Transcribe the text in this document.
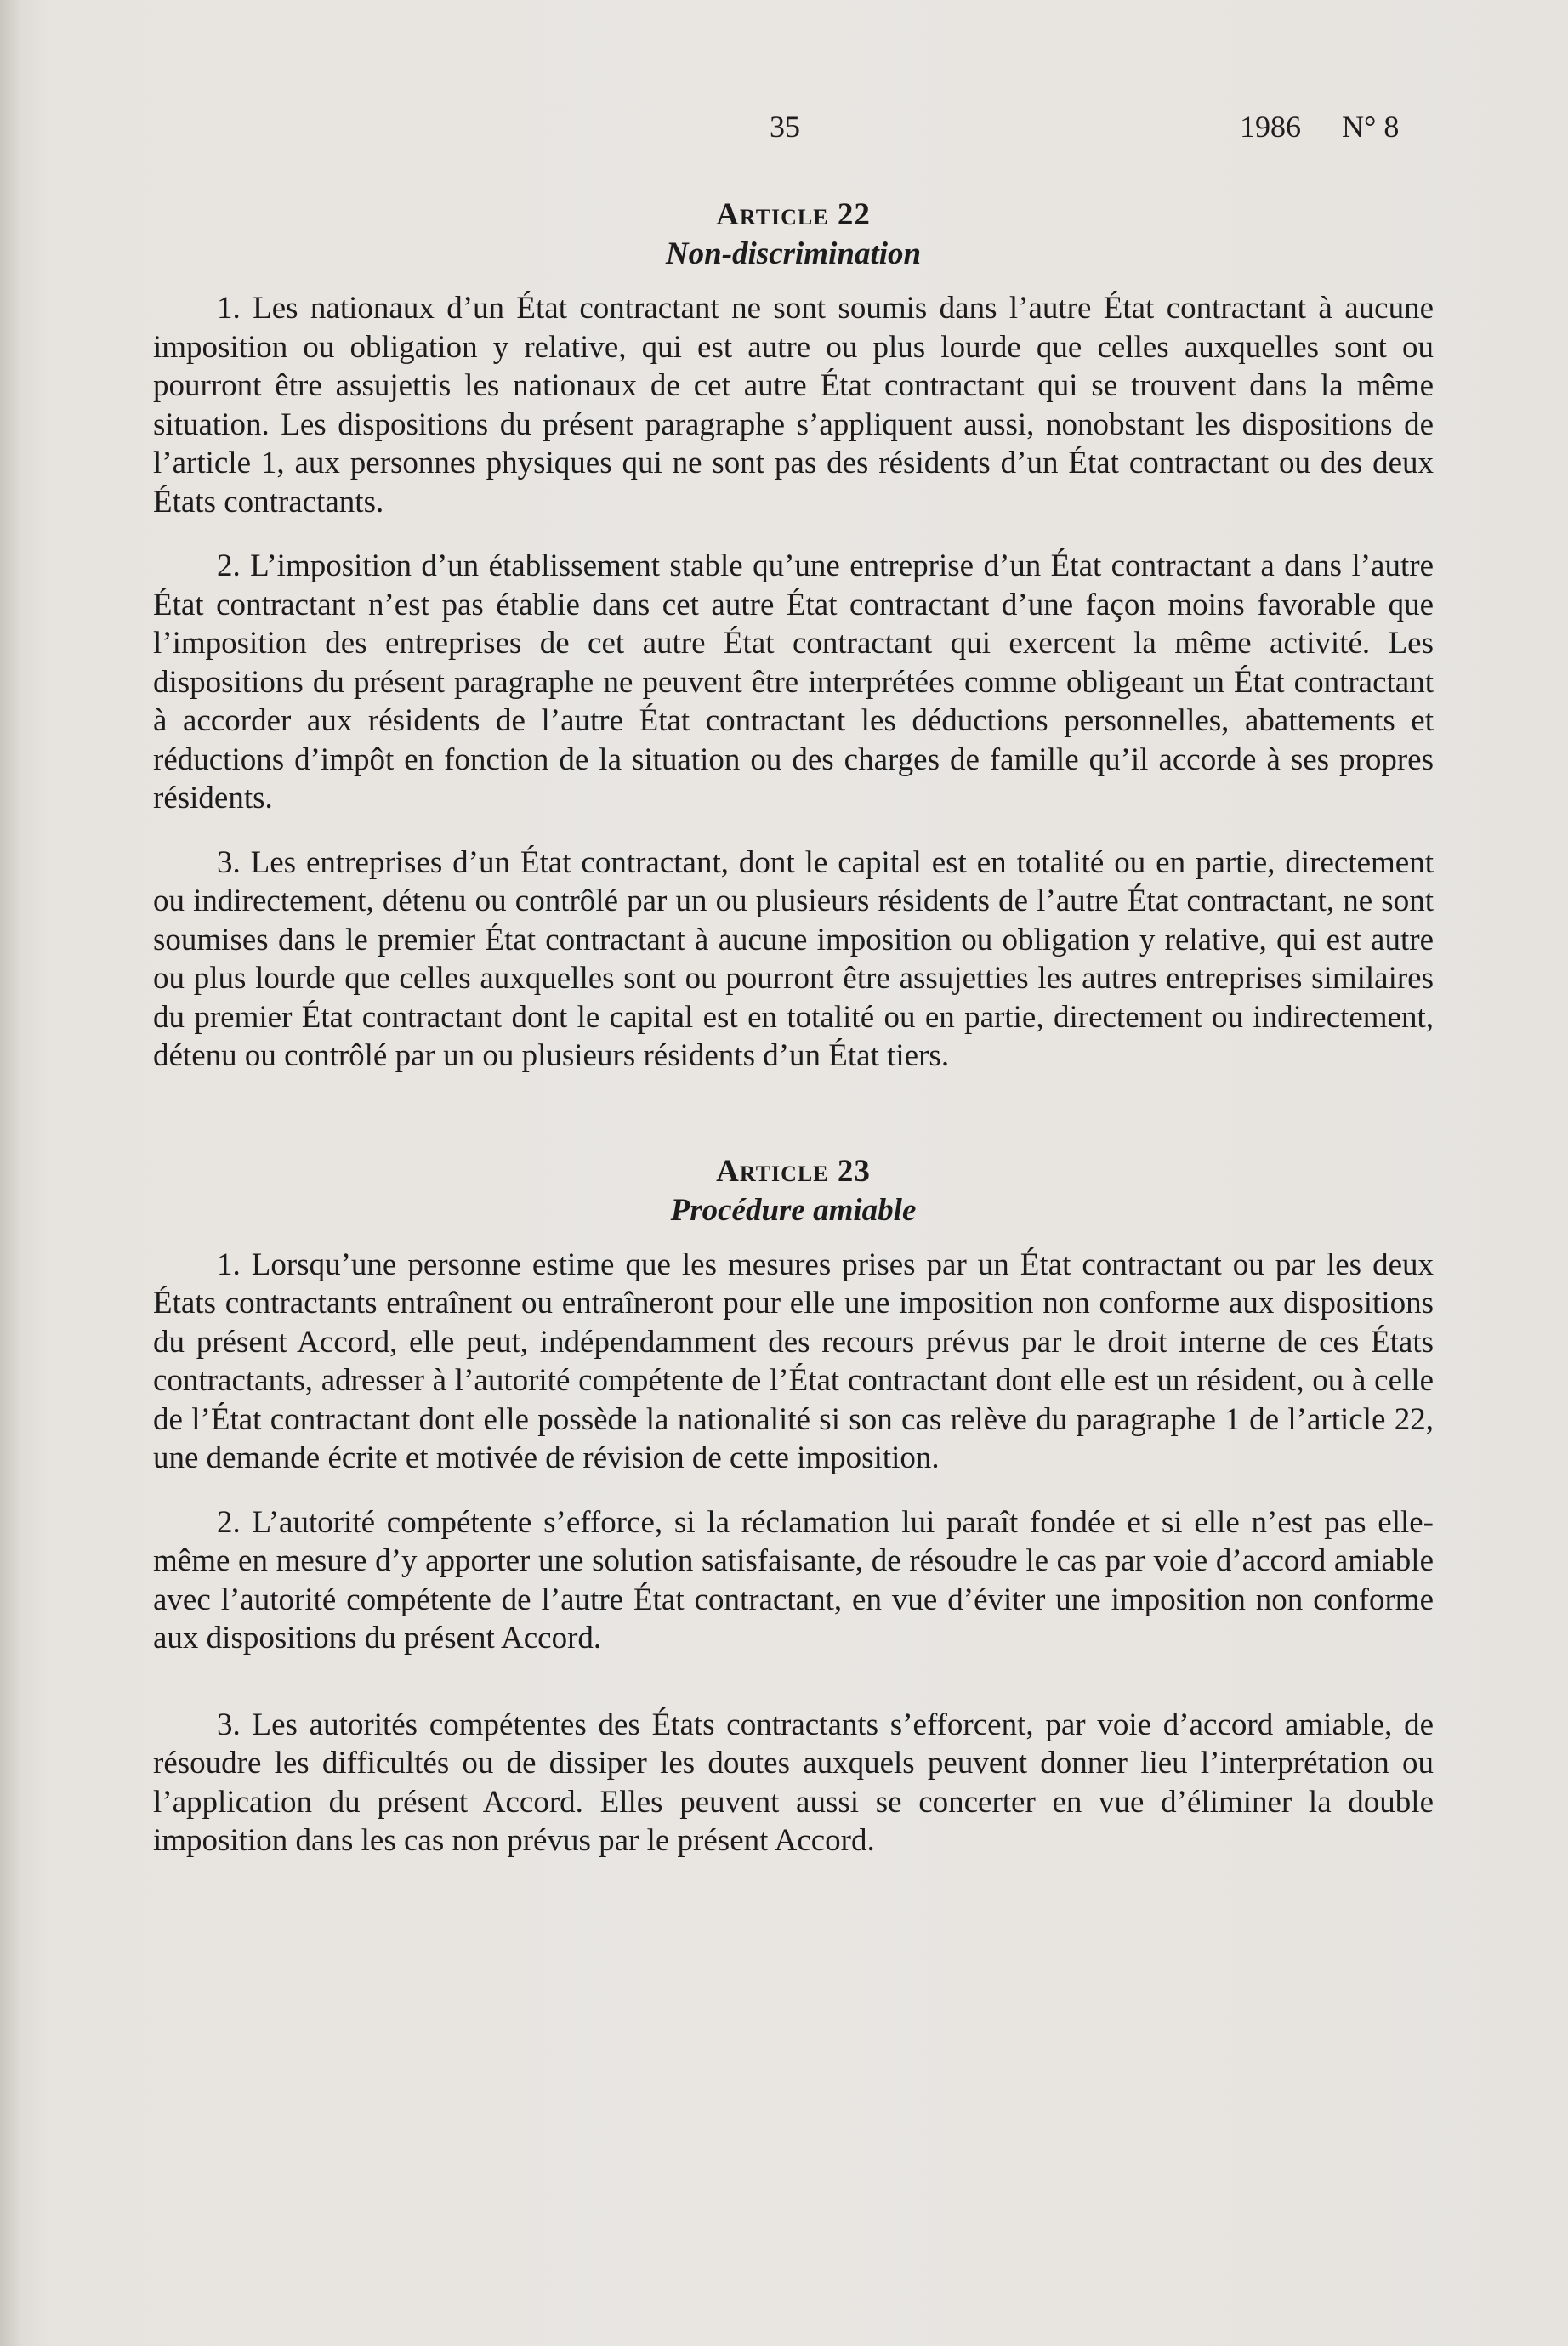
35	1986 N° 8
Article 22
Non-discrimination

1. Les nationaux d’un État contractant ne sont soumis dans l’autre État contractant à aucune imposition ou obligation y relative, qui est autre ou plus lourde que celles auxquelles sont ou pourront être assujettis les nationaux de cet autre État contractant qui se trouvent dans la même situation. Les dispositions du présent paragraphe s’appliquent aussi, nonobstant les dispositions de l’article 1, aux personnes physiques qui ne sont pas des résidents d’un État contractant ou des deux États contractants.

2. L’imposition d’un établissement stable qu’une entreprise d’un État contractant a dans l’autre État contractant n’est pas établie dans cet autre État contractant d’une façon moins favorable que l’imposition des entreprises de cet autre État contractant qui exercent la même activité. Les dispositions du présent paragraphe ne peuvent être interprétées comme obligeant un État contractant à accorder aux résidents de l’autre État contractant les déductions personnelles, abattements et réductions d’impôt en fonction de la situation ou des charges de famille qu’il accorde à ses propres résidents.

3. Les entreprises d’un État contractant, dont le capital est en totalité ou en partie, directement ou indirectement, détenu ou contrôlé par un ou plusieurs résidents de l’autre État contractant, ne sont soumises dans le premier État contractant à aucune imposition ou obligation y relative, qui est autre ou plus lourde que celles auxquelles sont ou pourront être assujetties les autres entreprises similaires du premier État contractant dont le capital est en totalité ou en partie, directement ou indirectement, détenu ou contrôlé par un ou plusieurs résidents d’un État tiers.

Article 23
Procédure amiable

1. Lorsqu’une personne estime que les mesures prises par un État contractant ou par les deux États contractants entraînent ou entraîneront pour elle une imposition non conforme aux dispositions du présent Accord, elle peut, indépendamment des recours prévus par le droit interne de ces États contractants, adresser à l’autorité compétente de l’État contractant dont elle est un résident, ou à celle de l’État contractant dont elle possède la nationalité si son cas relève du paragraphe 1 de l’article 22, une demande écrite et motivée de révision de cette imposition.

2. L’autorité compétente s’efforce, si la réclamation lui paraît fondée et si elle n’est pas elle-même en mesure d’y apporter une solution satisfaisante, de résoudre le cas par voie d’accord amiable avec l’autorité compétente de l’autre État contractant, en vue d’éviter une imposition non conforme aux dispositions du présent Accord.

3. Les autorités compétentes des États contractants s’efforcent, par voie d’accord amiable, de résoudre les difficultés ou de dissiper les doutes auxquels peuvent donner lieu l’interprétation ou l’application du présent Accord. Elles peuvent aussi se concerter en vue d’éliminer la double imposition dans les cas non prévus par le présent Accord.
